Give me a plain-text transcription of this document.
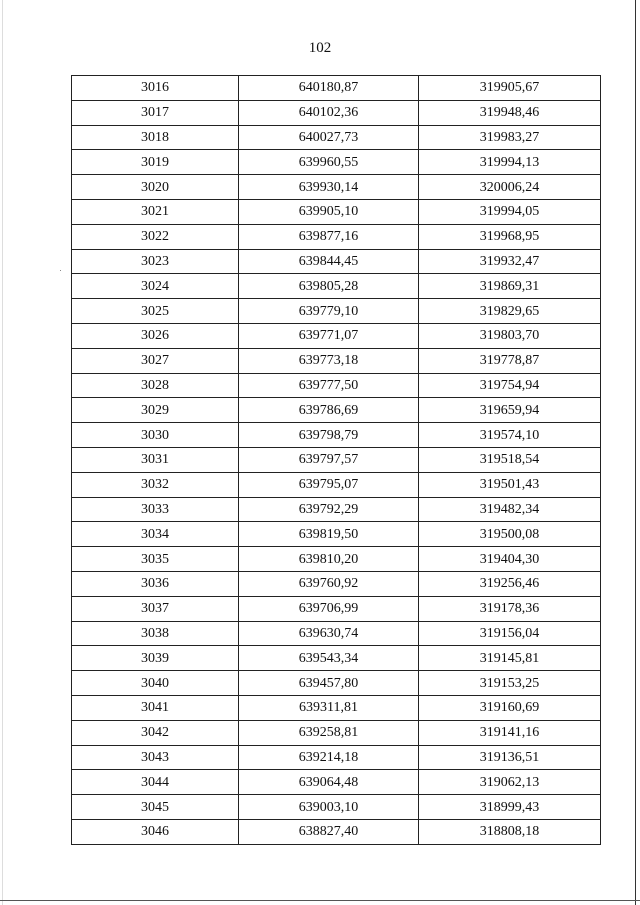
102
3016	640180,87	319905,67
3017	640102,36	319948,46
3018	640027,73	319983,27
3019	639960,55	319994,13
3020	639930,14	320006,24
3021	639905,10	319994,05
3022	639877,16	319968,95
3023	639844,45	319932,47
3024	639805,28	319869,31
3025	639779,10	319829,65
3026	639771,07	319803,70
3027	639773,18	319778,87
3028	639777,50	319754,94
3029	639786,69	319659,94
3030	639798,79	319574,10
3031	639797,57	319518,54
3032	639795,07	319501,43
3033	639792,29	319482,34
3034	639819,50	319500,08
3035	639810,20	319404,30
3036	639760,92	319256,46
3037	639706,99	319178,36
3038	639630,74	319156,04
3039	639543,34	319145,81
3040	639457,80	319153,25
3041	639311,81	319160,69
3042	639258,81	319141,16
3043	639214,18	319136,51
3044	639064,48	319062,13
3045	639003,10	318999,43
3046	638827,40	318808,18
